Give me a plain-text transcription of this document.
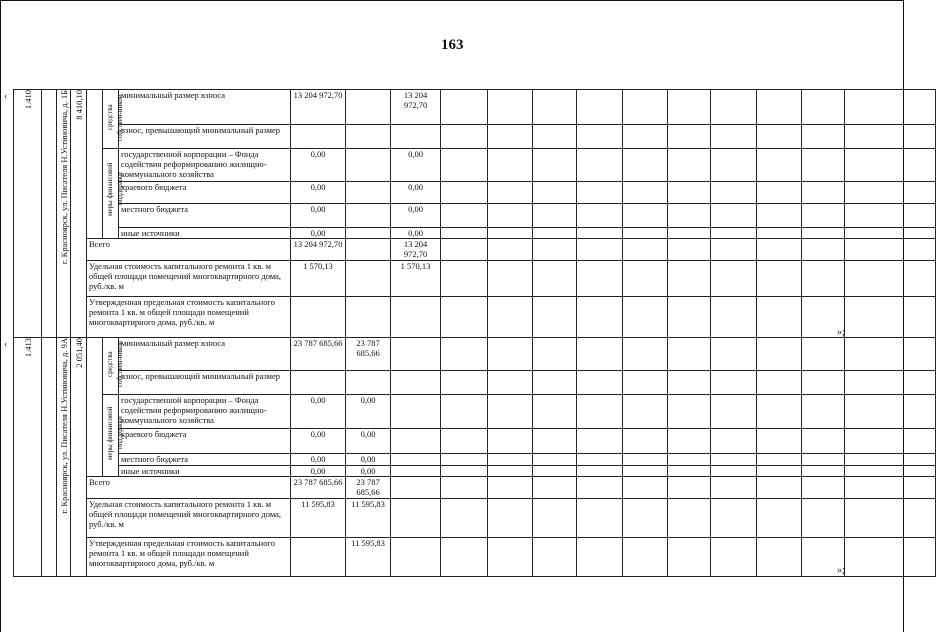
163
‹
‹
»;
»;
1.410		г. Красноярск, ул. Писателя Н.Устиновича, д. 1Б	8 410,10		средства собствен-ников	минимальный размер взноса	13 204 972,70		13 204 972,70										
						взнос, превышающий минимальный размер													
					меры финансовой поддержки	государственной корпорации – Фонда содействия реформированию жилищно-коммунального хозяйства	0,00		0,00										
						краевого бюджета	0,00		0,00										
						местного бюджета	0,00		0,00										
						иные источники	0,00		0,00										
				Всего			13 204 972,70		13 204 972,70										
				Удельная стоимость капитального ремонта 1 кв. м общей площади помещений многоквартирного дома, руб./кв. м			1 570,13		1 570,13										
				Утвержденная предельная стоимость капитального ремонта 1 кв. м общей площади помещений многоквартирного дома, руб./кв. м															
1.413		г. Красноярск, ул. Писателя Н.Устиновича, д. 9А	2 051,40		средства собствен-ников	минимальный размер взноса	23 787 685,66	23 787 685,66											
						взнос, превышающий минимальный размер													
					меры финансовой поддержки	государственной корпорации – Фонда содействия реформированию жилищно-коммунального хозяйства	0,00	0,00											
						краевого бюджета	0,00	0,00											
						местного бюджета	0,00	0,00											
						иные источники	0,00	0,00											
				Всего			23 787 685,66	23 787 685,66											
				Удельная стоимость капитального ремонта 1 кв. м общей площади помещений многоквартирного дома, руб./кв. м			11 595,83	11 595,83											
				Утвержденная предельная стоимость капитального ремонта 1 кв. м общей площади помещений многоквартирного дома, руб./кв. м				11 595,83											
